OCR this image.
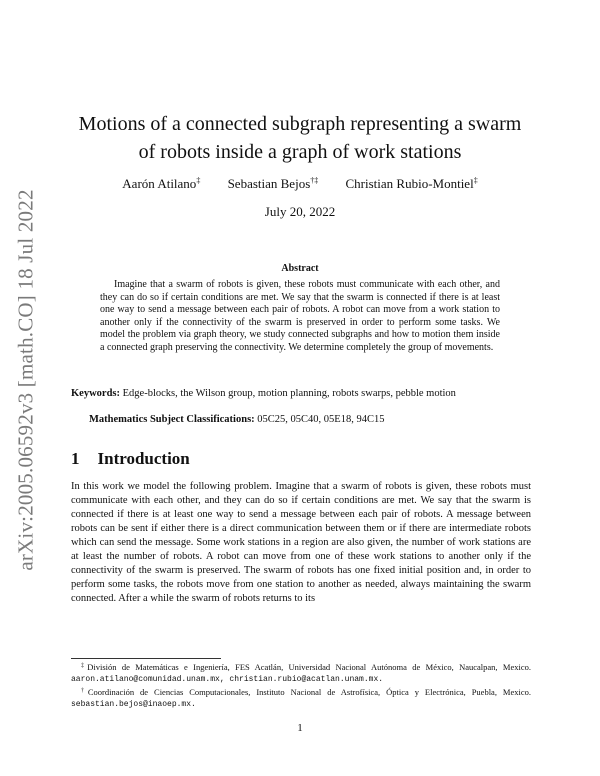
arXiv:2005.06592v3 [math.CO] 18 Jul 2022
Motions of a connected subgraph representing a swarm
of robots inside a graph of work stations
Aarón Atilano‡ Sebastian Bejos†‡ Christian Rubio-Montiel‡
July 20, 2022
Abstract

Imagine that a swarm of robots is given, these robots must communicate with each other, and they can do so if certain conditions are met. We say that the swarm is connected if there is at least one way to send a message between each pair of robots. A robot can move from a work station to another only if the connectivity of the swarm is preserved in order to perform some tasks. We model the problem via graph theory, we study connected subgraphs and how to motion them inside a connected graph preserving the connectivity. We determine completely the group of movements.

Keywords: Edge-blocks, the Wilson group, motion planning, robots swarps, pebble motion
Mathematics Subject Classifications: 05C25, 05C40, 05E18, 94C15
1 Introduction

In this work we model the following problem. Imagine that a swarm of robots is given, these robots must communicate with each other, and they can do so if certain conditions are met. We say that the swarm is connected if there is at least one way to send a message between each pair of robots. A message between robots can be sent if either there is a direct communication between them or if there are intermediate robots which can send the message. Some work stations in a region are also given, the number of work stations are at least the number of robots. A robot can move from one of these work stations to another only if the connectivity of the swarm is preserved. The swarm of robots has one fixed initial position and, in order to perform some tasks, the robots move from one station to another as needed, always maintaining the swarm connected. After a while the swarm of robots returns to its

‡División de Matemáticas e Ingeniería, FES Acatlán, Universidad Nacional Autónoma de México, Naucalpan, Mexico. aaron.atilano@comunidad.unam.mx, christian.rubio@acatlan.unam.mx.

†Coordinación de Ciencias Computacionales, Instituto Nacional de Astrofísica, Óptica y Electrónica, Puebla, Mexico. sebastian.bejos@inaoep.mx.

1
